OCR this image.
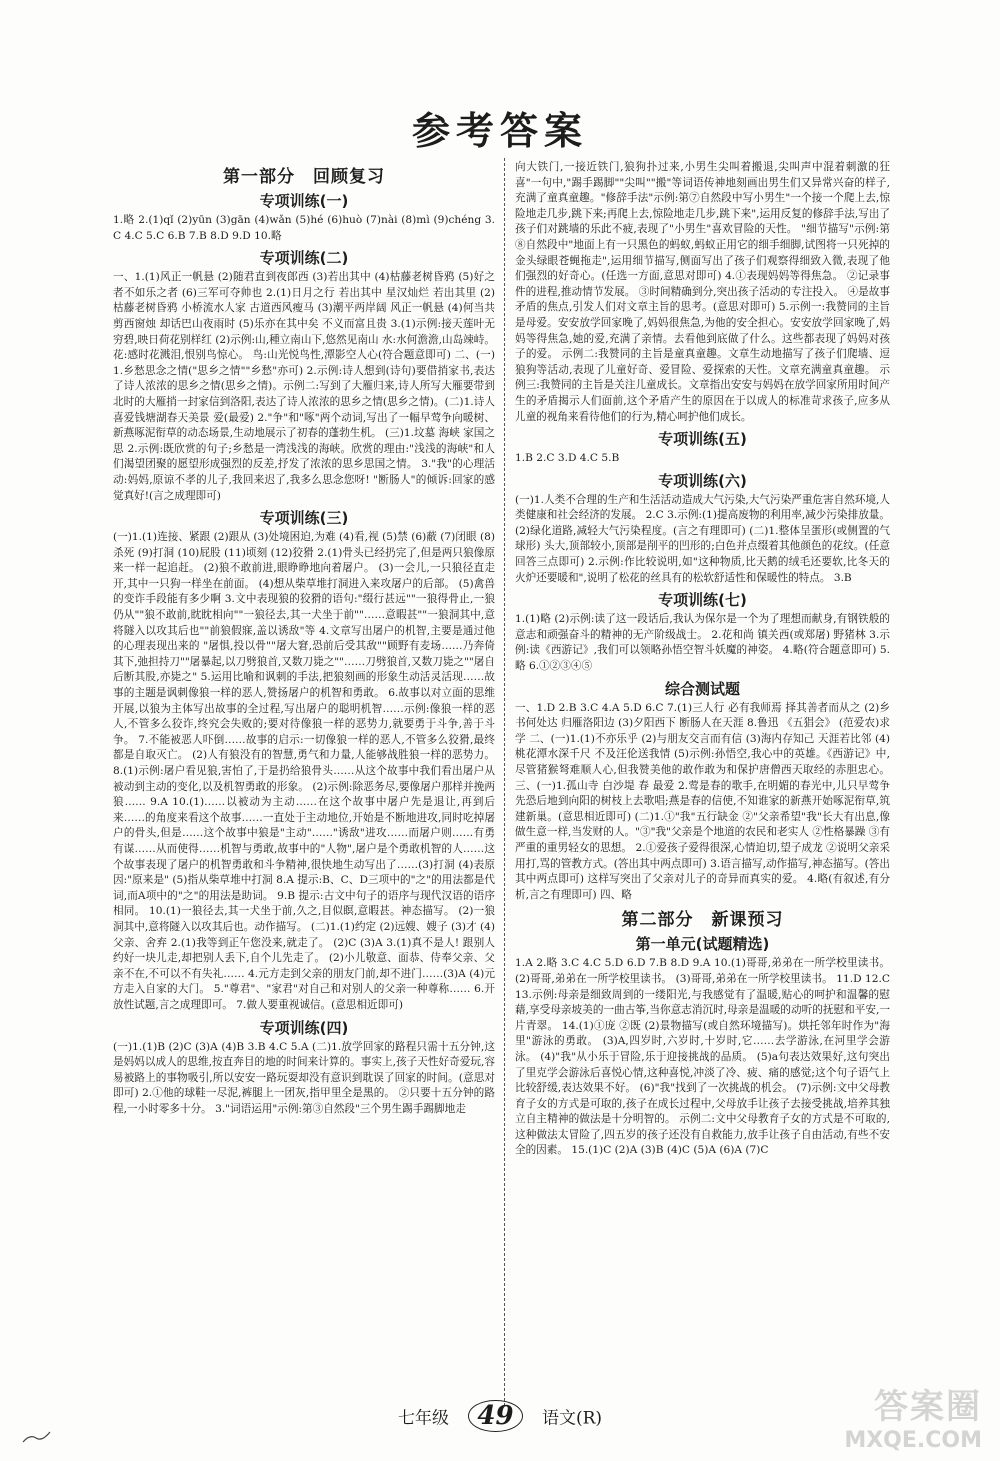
参考答案
第一部分　回顾复习
专项训练(一)

1.略 2.(1)qǐ (2)yūn (3)gān (4)wǎn (5)hé (6)huò (7)nài (8)mì (9)chéng 3.C 4.C 5.C 6.B 7.B 8.D 9.D 10.略

专项训练(二)

一、1.(1)风正一帆悬 (2)随君直到夜郎西 (3)若出其中 (4)枯藤老树昏鸦 (5)好之者不如乐之者 (6)三军可夺帅也 2.(1)日月之行 若出其中 星汉灿烂 若出其里 (2)枯藤老树昏鸦 小桥流水人家 古道西风瘦马 (3)潮平两岸阔 风正一帆悬 (4)何当共剪西窗烛 却话巴山夜雨时 (5)乐亦在其中矣 不义而富且贵 3.(1)示例:接天莲叶无穷碧,映日荷花别样红 (2)示例:山,種立南山下,悠然见南山 水:水何澹澹,山岛竦峙。花:感时花溅泪,恨别鸟惊心。 鸟:山光悦鸟性,潭影空人心(符合题意即可) 二、(一)1.乡愁思念之情("思乡之情""乡愁"亦可) 2.示例:诗人想到(诗句)要借捎家书,表达了诗人浓浓的思乡之情(思乡之情)。示例二:写到了大雁归来,诗人所写大雁要带到北时的大雁捎一封家信到洛阳,表达了诗人浓浓的思乡之情(思乡之情)。(二)1.诗人喜爱钱塘湖春天美景 爱(最爱) 2."争"和"啄"两个动词,写出了一幅早莺争向暖树、新燕啄泥衔草的动态场景,生动地展示了初春的蓬勃生机。 (三)1.坟墓 海峡 家国之思 2.示例:既欣赏的句子;乡愁是一湾浅浅的海峡。欣赏的理由:"浅浅的海峡"和人们渴望团聚的愿望形成强烈的反差,抒发了浓浓的思乡思国之情。 3."我"的心理活动:妈妈,原谅不孝的儿子,我回来迟了,我多么思念您呀! "断肠人"的倾诉:回家的感觉真好!(言之成理即可)

专项训练(三)

(一)1.(1)连接、紧跟 (2)跟从 (3)处境困迫,为难 (4)看,视 (5)禁 (6)蔽 (7)闭眼 (8)杀死 (9)打洞 (10)屁股 (11)顷刻 (12)狡猾 2.(1)骨头已经扔完了,但是两只狼像原来一样一起追赶。 (2)狼不敢前进,眼睁睁地向着屠户。 (3)一会儿,一只狼径直走开,其中一只狗一样坐在前面。 (4)想从柴草堆打洞进入来攻屠户的后部。 (5)禽兽的变诈手段能有多少啊 3.文中表现狼的狡猾的语句:"缀行甚远""一狼得骨止,一狼仍从""狼不敢前,眈眈相向""一狼径去,其一犬坐于前""……意暇甚""一狼洞其中,意将隧入以攻其后也""前狼假寐,盖以诱敌"等 4.文章写出屠户的机智,主要是通过他的心理表现出来的 "屠惧,投以骨""屠大窘,恐前后受其敌""顾野有麦场……乃奔倚其下,弛担持刀""屠暴起,以刀劈狼首,又数刀毙之""……刀劈狼首,又数刀毙之""屠自后断其股,亦毙之" 5.运用比喻和讽刺的手法,把狼刻画的形象生动活灵活现……故事的主题是讽刺像狼一样的恶人,赞扬屠户的机智和勇敢。 6.故事以对立面的思维开展,以狼为主体写出故事的全过程,写出屠户的聪明机智……示例:像狼一样的恶人,不管多么狡诈,终究会失败的;要对待像狼一样的恶势力,就要勇于斗争,善于斗争。 7.不能被恶人吓倒……故事的启示:一切像狼一样的恶人,不管多么狡猾,最终都是自取灭亡。 (2)人有狼没有的智慧,勇气和力量,人能够战胜狼一样的恶势力。 8.(1)示例:屠户看见狼,害怕了,于是扔给狼骨头……从这个故事中我们看出屠户从被动到主动的变化,以及机智勇敢的形象。 (2)示例:除恶务尽,要像屠户那样并挽两狼…… 9.A 10.(1)……以被动为主动……在这个故事中屠户先是退让,再到后来……的角度来看这个故事……一直处于主动地位,开始是不断地进攻,同时吃掉屠户的骨头,但是……这个故事中狼是"主动"……"诱敌"进攻……而屠户则……有勇有谋……从而使得……机智与勇敢,故事中的"人物",屠户是个勇敢机智的人……这个故事表现了屠户的机智勇敢和斗争精神,很快地生动写出了……(3)打洞 (4)表原因:"原来是" (5)指从柴草堆中打洞 8.A 提示:B、C、D三项中的"之"的用法都是代词,而A项中的"之"的用法是助词。 9.B 提示:古文中句子的语序与现代汉语的语序相同。 10.(1)一狼径去,其一犬坐于前,久之,目似瞑,意暇甚。神态描写。 (2)一狼洞其中,意将隧入以攻其后也。动作描写。 (二)1.(1)约定 (2)远嫂、嫂子 (3)才 (4)父亲、舍弃 2.(1)我等到正午您没来,就走了。 (2)C (3)A 3.(1)真不是人! 跟别人约好一块儿走,却把别人丢下,自个儿先走了。 (2)小儿敬意、面恭、侍奉父亲、父亲不在,不可以不有失礼…… 4.元方走到父亲的朋友门前,却不进门……(3)A (4)元方走入自家的大门。 5."尊君"、"家君"对自己和对别人的父亲一种尊称…… 6.开放性试题,言之成理即可。 7.做人要重视诚信。(意思相近即可)

专项训练(四)

(一)1.(1)B (2)C (3)A (4)B 3.B 4.C 5.A (二)1.放学回家的路程只需十五分钟,这是妈妈以成人的思维,按直奔目的地的时间来计算的。事实上,孩子天性好奇爱玩,容易被路上的事物吸引,所以安安一路玩耍却没有意识到耽误了回家的时间。(意思对即可) 2.①他的球鞋一尽泥,裤腿上一团灰,指甲里全是黑的。 ②只要十五分钟的路程,一小时零多十分。 3."词语运用"示例:第③自然段"三个男生踢手踢脚地走

向大铁门,一接近铁门,狼狗扑过来,小男生尖叫着搬退,尖叫声中混着刺激的狂喜"一句中,"踢手踢脚""尖叫""搬"等词语传神地刻画出男生们又异常兴奋的样子,充满了童真童趣。"修辞手法"示例:第⑦自然段中写小男生"一个接一个爬上去,惊险地走几步,跳下来;再爬上去,惊险地走几步,跳下来",运用反复的修辞手法,写出了孩子们对跳墙的乐此不疲,表现了"小男生"喜欢冒险的天性。 "细节描写"示例:第⑧自然段中"地面上有一只黑色的蚂蚁,蚂蚁正用它的细手细脚,试图将一只死掉的金头绿眼苍蝇拖走",运用细节描写,侧面写出了孩子们观察得细致入微,表现了他们强烈的好奇心。(任选一方面,意思对即可) 4.①表现妈妈等得焦急。 ②记录事件的进程,推动情节发展。 ③时间精确到分,突出孩子活动的专注投入。 ④是故事矛盾的焦点,引发人们对文章主旨的思考。(意思对即可) 5.示例一:我赞同的主旨是母爱。安安放学回家晚了,妈妈很焦急,为他的安全担心。安安放学回家晚了,妈妈等得焦急,她的爱,充满了亲情。去看他到底做了什么。这些都表现了妈妈对孩子的爱。 示例二:我赞同的主旨是童真童趣。文章生动地描写了孩子们爬墙、逗狼狗等活动,表现了儿童好奇、爱冒险、爱探索的天性。文章充满童真童趣。 示例三:我赞同的主旨是关注儿童成长。文章指出安安与妈妈在放学回家所用时间产生的矛盾揭示人们面前,这个矛盾产生的原因在于以成人的标准苛求孩子,应多从儿童的视角来看待他们的行为,精心呵护他们成长。

专项训练(五)

1.B 2.C 3.D 4.C 5.B

专项训练(六)

(一)1.人类不合理的生产和生活活动造成大气污染,大气污染严重危害自然环境,人类健康和社会经济的发展。 2.C 3.示例:(1)提高废物的利用率,减少污染排放量。(2)绿化道路,减轻大气污染程度。(言之有理即可) (二)1.整体呈蛋形(或侧置的气球形) 头大,顶部较小,顶部是削平的凹形的;白色并点缀着其他颜色的花纹。(任意回答三点即可) 2.示例:作比较说明,如"这种物质,比天鹅的绒毛还要软,比冬天的火炉还要暖和",说明了松花的丝具有的松软舒适性和保暖性的特点。 3.B

专项训练(七)

1.(1)略 (2)示例:读了这一段话后,我认为保尔是一个为了理想而献身,有钢铁般的意志和顽强奋斗的精神的无产阶级战士。 2.花和尚 镇关西(或郑屠) 野猪林 3.示例:读《西游记》,我们可以领略孙悟空智斗妖魔的神姿。 4.略(符合题意即可) 5.略 6.①②③④⑤

综合测试题

一、1.D 2.B 3.C 4.A 5.D 6.C 7.(1)三人行 必有我师焉 择其善者而从之 (2)乡书何处达 归雁洛阳边 (3)夕阳西下 断肠人在天涯 8.鲁迅 《五猖会》 (范爱农)求学 二、(一)1.(1)不亦乐乎 (2)与朋友交言而有信 (3)海内存知己 天涯若比邻 (4)桃花潭水深千尺 不及汪伦送我情 (5)示例:孙悟空,我心中的英雄。《西游记》中,尽管猪猴弩难顺人心,但我赞美他的敢作敢为和保护唐僧西天取经的赤胆忠心。 三、(一)1.孤山寺 白沙堤 春 最爱 2.莺是春的歌手,在明媚的春光中,儿只早莺争先恐后地到向阳的树枝上去歌唱;燕是春的信使,不知谁家的新燕开始啄泥衔草,筑建新巢。(意思相近即可) (二)1.①"我"五行缺金 ②"父亲希望"我"长大有出息,像做生意一样,当发财的人。"③"我"父亲是个地道的农民和老实人 ②性格暴躁 ③有严重的重男轻女的思想。 2.①爱孩子爱得很深,心情迫切,望子成龙 ②说明父亲采用打,骂的管教方式。(答出其中两点即可) 3.语言描写,动作描写,神态描写。(答出其中两点即可) 这样写突出了父亲对儿子的奇异而真实的爱。 4.略(有叙述,有分析,言之有理即可) 四、略

第二部分　新课预习
第一单元(试题精选)

1.A 2.略 3.C 4.C 5.D 6.D 7.B 8.D 9.A 10.(1)哥哥,弟弟在一所学校里读书。 (2)哥哥,弟弟在一所学校里读书。 (3)哥哥,弟弟在一所学校里读书。 11.D 12.C 13.示例:母亲是细致周到的一缕阳光,与我感觉有了温暖,贴心的呵护和温馨的慰藉,享受母亲坡美的一曲古筝,当你意志消沉时,母亲是温暖的动听的抚慰和平安,一片青翠。 14.(1)①庞 ②既 (2)景物描写(或自然环境描写)。烘托邻年时作为"海里"游泳的勇敢。 (3)A,四岁时,六岁时,十岁时,它……去学游泳,在河里学会游泳。 (4)"我"从小乐于冒险,乐于迎接挑战的品质。 (5)a句表达效果好,这句突出了里克学会游泳后喜悦心情,这种喜悦,冲淡了冷、疲、痛的感觉;这个句子语气上比较舒缓,表达效果不好。 (6)"我"找到了一次挑战的机会。 (7)示例:文中父母教育子女的方式是可取的,孩子在成长过程中,父母放手让孩子去接受挑战,培养其独立自主精神的做法是十分明智的。 示例二:文中父母教育子女的方式是不可取的,这种做法太冒险了,四五岁的孩子还没有自救能力,放手让孩子自由活动,有些不安全的因素。 15.(1)C (2)A (3)B (4)C (5)A (6)A (7)C

七年级 49 语文(R)	答案圈
MXQE.COM
